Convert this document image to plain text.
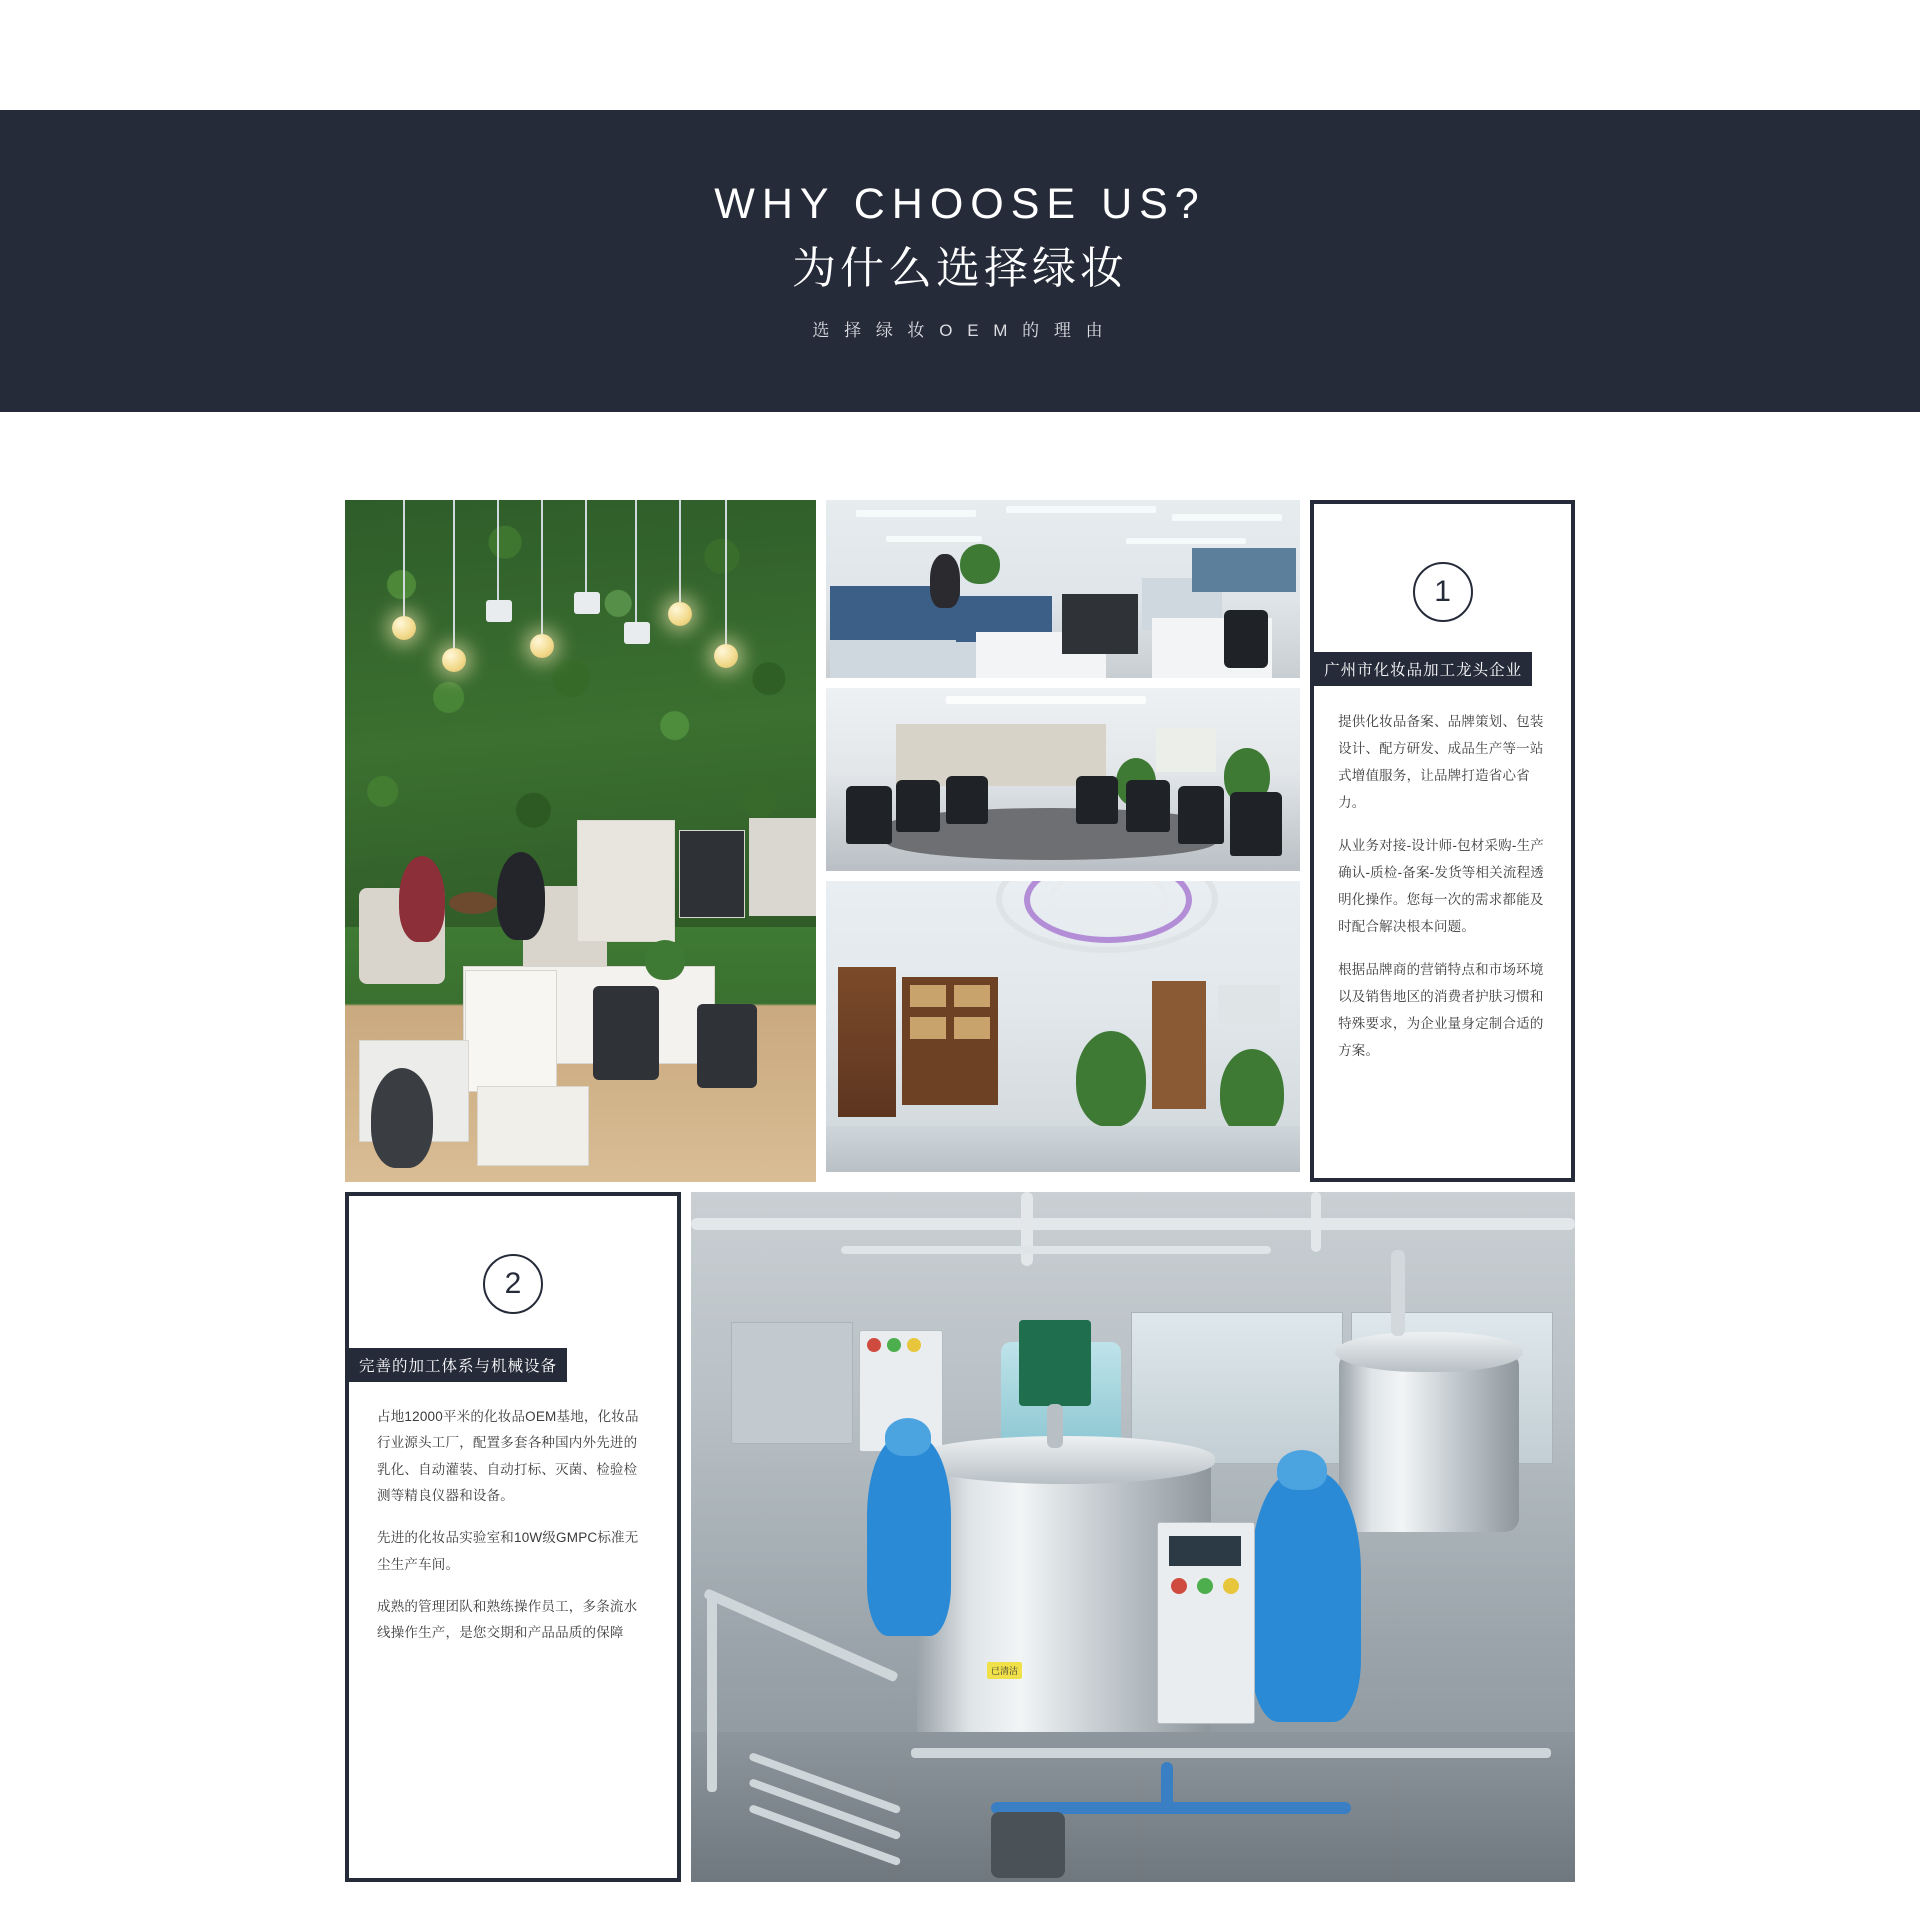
WHY CHOOSE US?
为什么选择绿妆
选 择 绿 妆 O E M 的 理 由
1
广州市化妆品加工龙头企业

提供化妆品备案、品牌策划、包装设计、配方研发、成品生产等一站式增值服务，让品牌打造省心省力。

从业务对接-设计师-包材采购-生产确认-质检-备案-发货等相关流程透明化操作。您每一次的需求都能及时配合解决根本问题。

根据品牌商的营销特点和市场环境以及销售地区的消费者护肤习惯和特殊要求，为企业量身定制合适的方案。

2
完善的加工体系与机械设备

占地12000平米的化妆品OEM基地，化妆品行业源头工厂，配置多套各种国内外先进的乳化、自动灌装、自动打标、灭菌、检验检测等精良仪器和设备。

先进的化妆品实验室和10W级GMPC标准无尘生产车间。

成熟的管理团队和熟练操作员工，多条流水线操作生产，是您交期和产品品质的保障

已清洁
